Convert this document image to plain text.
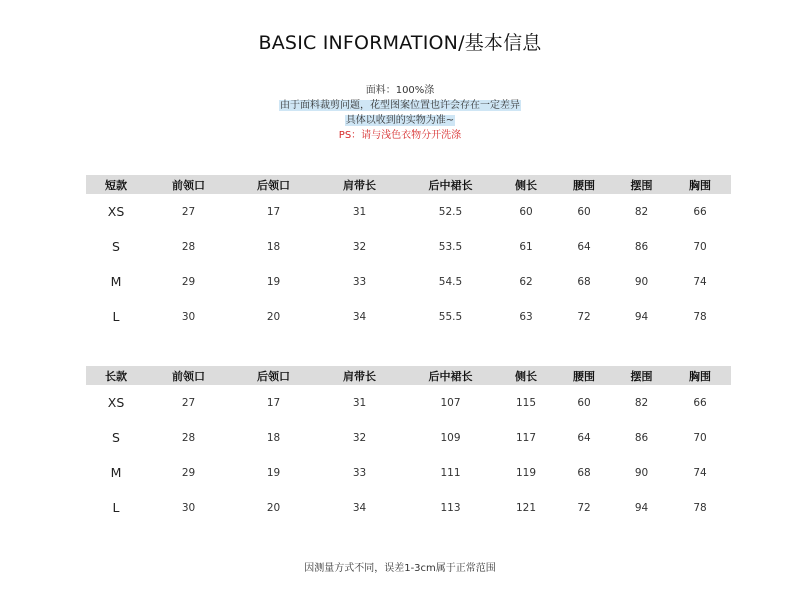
BASIC INFORMATION/基本信息
面料：100%涤
由于面料裁剪问题，花型图案位置也许会存在一定差异
具体以收到的实物为准~
PS：请与浅色衣物分开洗涤
短款	前领口	后领口	肩带长	后中裙长	侧长	腰围	摆围	胸围
XS	27	17	31	52.5	60	60	82	66
S	28	18	32	53.5	61	64	86	70
M	29	19	33	54.5	62	68	90	74
L	30	20	34	55.5	63	72	94	78
长款	前领口	后领口	肩带长	后中裙长	侧长	腰围	摆围	胸围
XS	27	17	31	107	115	60	82	66
S	28	18	32	109	117	64	86	70
M	29	19	33	111	119	68	90	74
L	30	20	34	113	121	72	94	78
因测量方式不同，误差1-3cm属于正常范围
